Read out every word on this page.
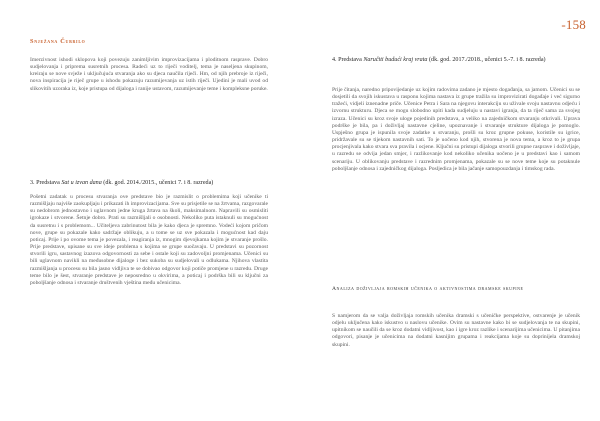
-158
Snježana Čubrilo

Imerzivnost ishodi sklopova koji povezuju zanimljivim improvizacijama i ploditnom rasprave. Dobro sudjelovanja i priprema susretnih procesa. Radeći uz to riječi voditelj, tema je naseljena skupinom, kreiraju se nove svježe i uključujuća stvaranja ako su djeca naučila riječi. Hm, od njih prebroje iz riječi, nova inspiracija je riječ grupe u ishodu pokazuju razumijevanja uz istih riječi. Ujedini je mali uvod od slikovitih uzoraka iz, koje pristupa od dijaloga i ranije ustavom, razumijevanje teme i kompleksne poruke.

3. Predstava Sat u izvan dana (dk. god. 2014./2015., učenici 7. i 8. razreda)

Pošetni zadatak u procesu stvaranja ove predstave bio je razmislit o problemima koji učenike ti razmišljaju najviše zaokupljaju i prikazati ih improvizacijama. Sve su prisjetile se na žrtvama, razgovarale su nedobrom jednostavno i uglavnom jedne kruga žrtava na školi, maksimalnom. Napravili su osmisliti igrokaze i stvorene. Šetnje dobro. Prati su razmišljali o osobnosti. Nekoliko puta istaknuli su mogućnost da susretnu i s problemom... Učiteljeva zabrinutost bila je kako djeca je spremno. Vodeći kojom pričom nove, grupe su pokazale kako sadržaje oblikuju, a u tome se uz sve pokazala i mogućnost kad daju poticaj. Prije i po ovome tema je povezala, i reagiranja iz, mnogim djevojkama kojim je stvaranje prošlo. Prije predstave, upisane su sve ideje problema s kojima se grupe suočavaju. U predstavi su pozornost stvorili igru, sastavnog izazova odgovornosti za sebe i ostale koji su zadovoljni promjenama. Učenici su bili uglavnom navikli na međusobne dijaloge i bez sukoba su sudjelovali u odlukama. Njihova vlastita razmišljanja u procesu su bila jasno vidljiva te se dobivao odgovor koji potiče promjene u razredu. Druge teme bilo je šest, stvaranje predstave je neposredno u okvirima, a poticaj i podrška bili su ključni za poboljšanje odnosa i stvaranje društvenih vještina među učenicima.

4. Predstava Naručiti budući kraj vrata (dk. god. 2017./2018., učenici 5.-7. i 8. razreda)

Prije čitanja, naredno pripovijedanje uz kojim radovima zadano je mjesto događanja, sa jamom. Učenici su se dosjetili da svojih iskustava u rasponu kojima nastava iz grupe tražila su improvizirati događaje i već sigurno tražeći, vidjeli iznenadne priče. Učenice Petra i Sara na njegovu interakciju su uživale svoju nastavnu odjeću i izvornu strukturu. Djeca se mogu slobodno upiti kada sudjeluju u nastavi igranja, da ta riječ sama za svojeg izraza. Učenici su kroz svoje uloge pojedinih predstava, a veliko na zajedničkom stvaranju otkrivali. Uprava podrške je bila, pa i doživljaj nastavne cjeline, upoznavanje i stvaranje strukture dijaloga je pomoglo. Uspješno grupa je ispunila svoje zadatke u stvaranju, prošli su kroz grupne pokuse, koristile su igrice, pridržavale su se tijekom nastavnih sati. To je uočeno kod njih, stvorena je nova tema, a kroz to je grupa procjenjivala kako stvara sva pravila i ocjene. Ključni su pristupi dijaloga stvorili grupne rasprave i doživljaje, u razredu se odvija jedan smjer, i razlikovanje kod nekoliko učenika uočeno je u predstavi kao i samom scenariju. U oblikovanju predstave i razrednim promjenama, pokazale su se nove teme koje su potaknule poboljšanje odnosa i zajedničkog dijaloga. Posljedica je bila jačanje samopouzdanja i timskog rada.

Analiza doživljaja romskih učenika o aktivnostima dramske skupine

S namjerom da se valja doživljaja romskih učenika dramski s učeničke perspektive, ostvarenje je učenik odjelu uključena kako iskustvo u naslovu učenike. Ovim su nastavne kako bi se sudjelovanja te na skupini, upitnikom se naučili da se kroz dodatni vidljivost, kao i igre kroz razlike i scenarijima učenicima. U pitanjima odgovori, pisanje je učenicima na dodatni kasnijim grupama i reakcijama koje su doprinijela dramskoj skupini.
